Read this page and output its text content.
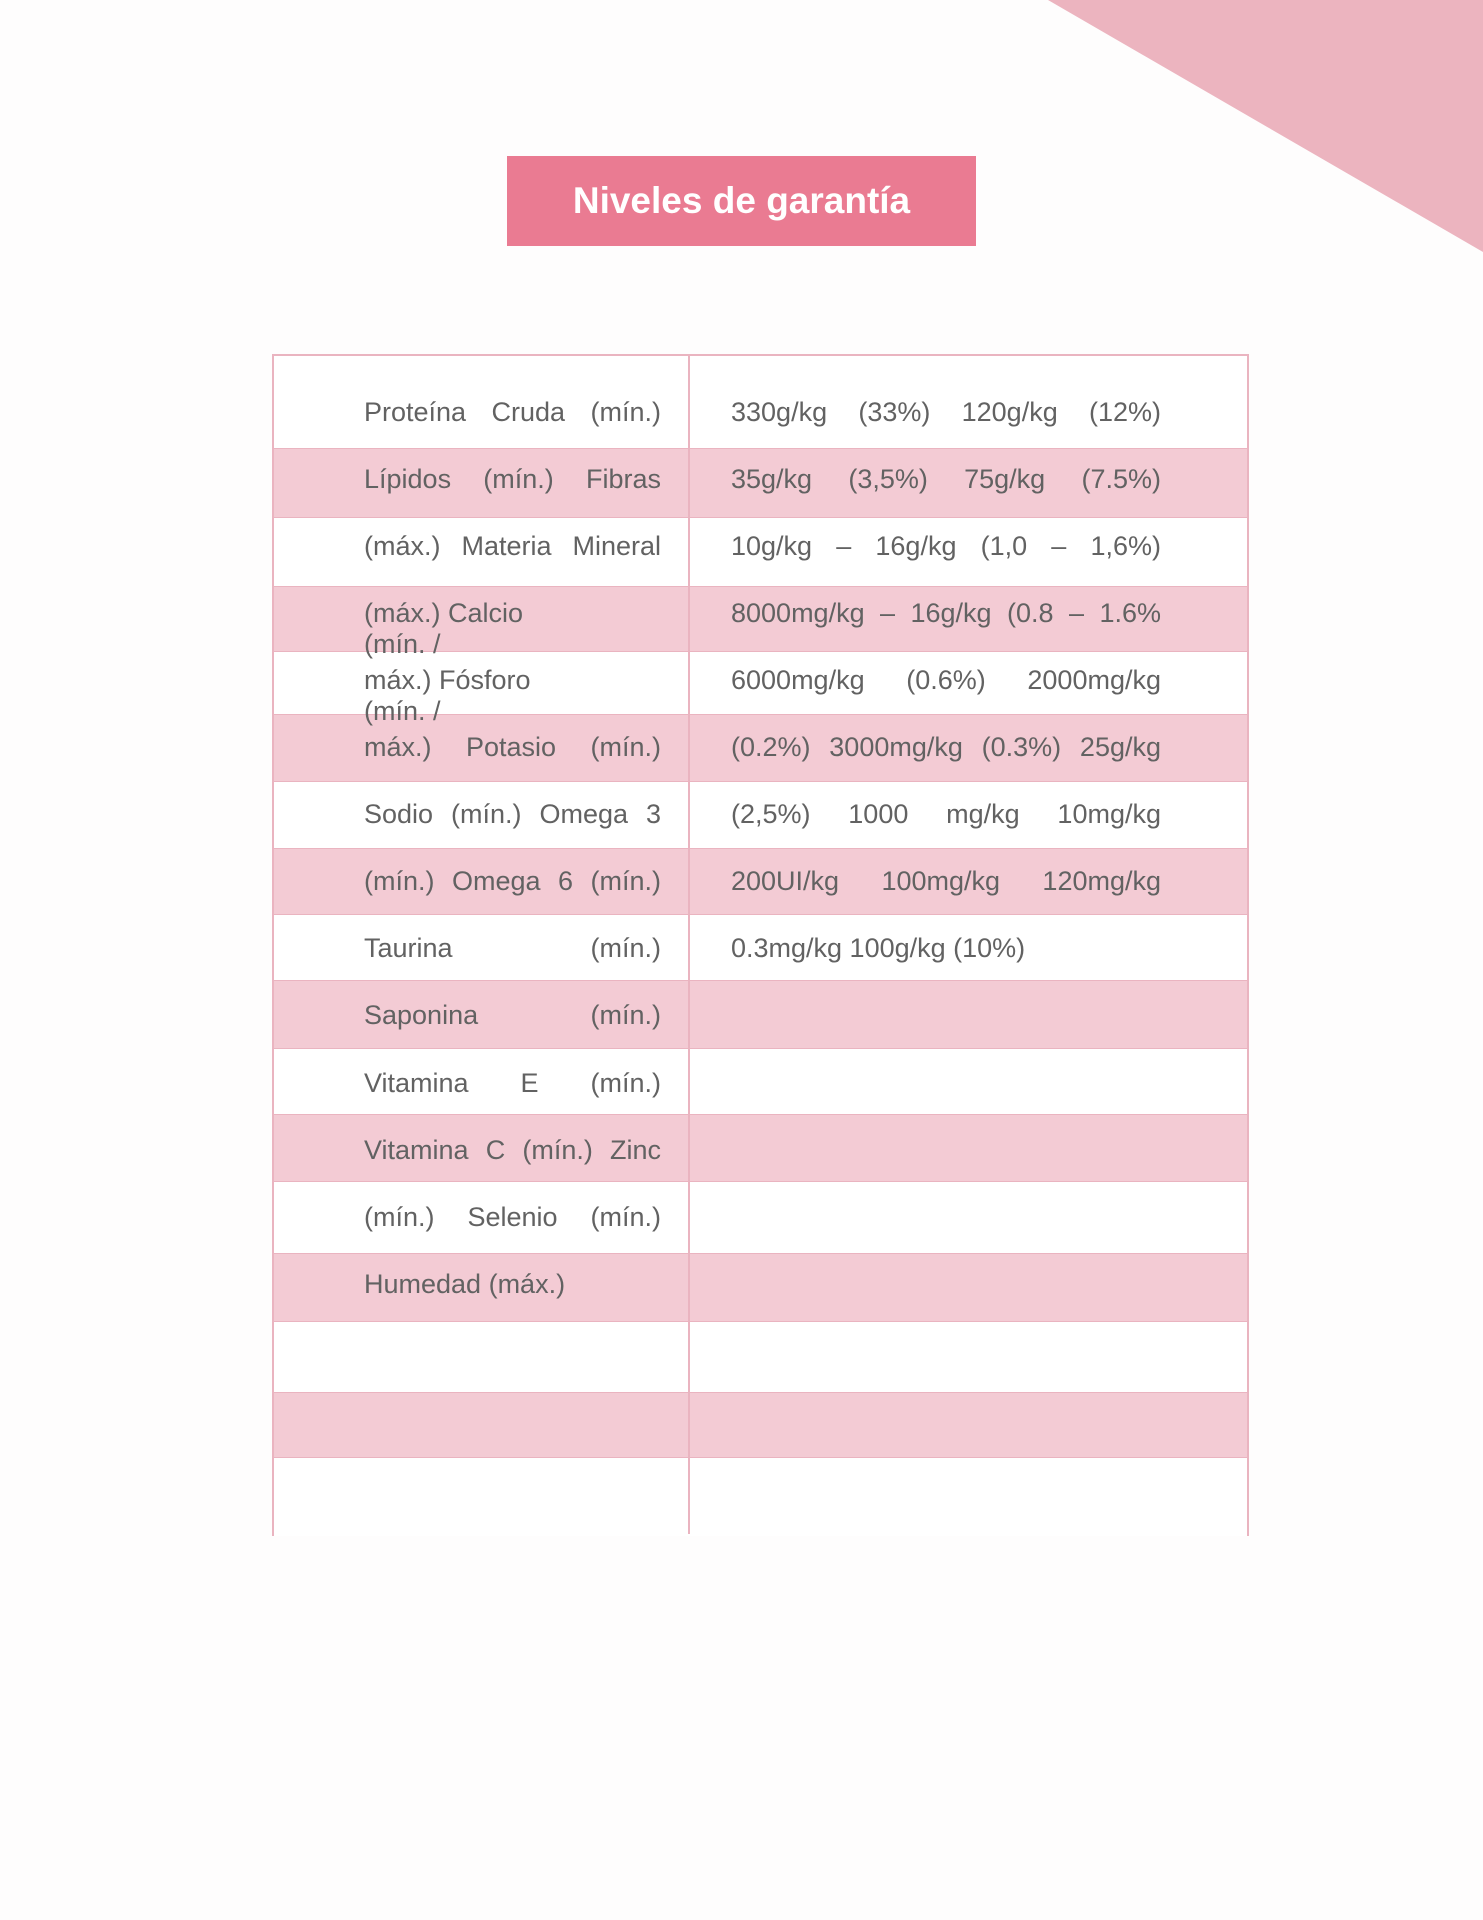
Niveles de garantía
Proteína Cruda (mín.)
Lípidos (mín.) Fibras
(máx.) Materia Mineral
(máx.) Calcio
(mín. /
máx.) Fósforo
(mín. /
máx.) Potasio (mín.)
Sodio (mín.) Omega 3
(mín.) Omega 6 (mín.)
Taurina (mín.)
Saponina (mín.)
Vitamina E (mín.)
Vitamina C (mín.) Zinc
(mín.) Selenio (mín.)
Humedad (máx.)
330g/kg (33%) 120g/kg (12%)
35g/kg (3,5%) 75g/kg (7.5%)
10g/kg – 16g/kg (1,0 – 1,6%)
8000mg/kg – 16g/kg (0.8 – 1.6%
6000mg/kg (0.6%) 2000mg/kg
(0.2%) 3000mg/kg (0.3%) 25g/kg
(2,5%) 1000 mg/kg 10mg/kg
200UI/kg 100mg/kg 120mg/kg
0.3mg/kg 100g/kg (10%)
